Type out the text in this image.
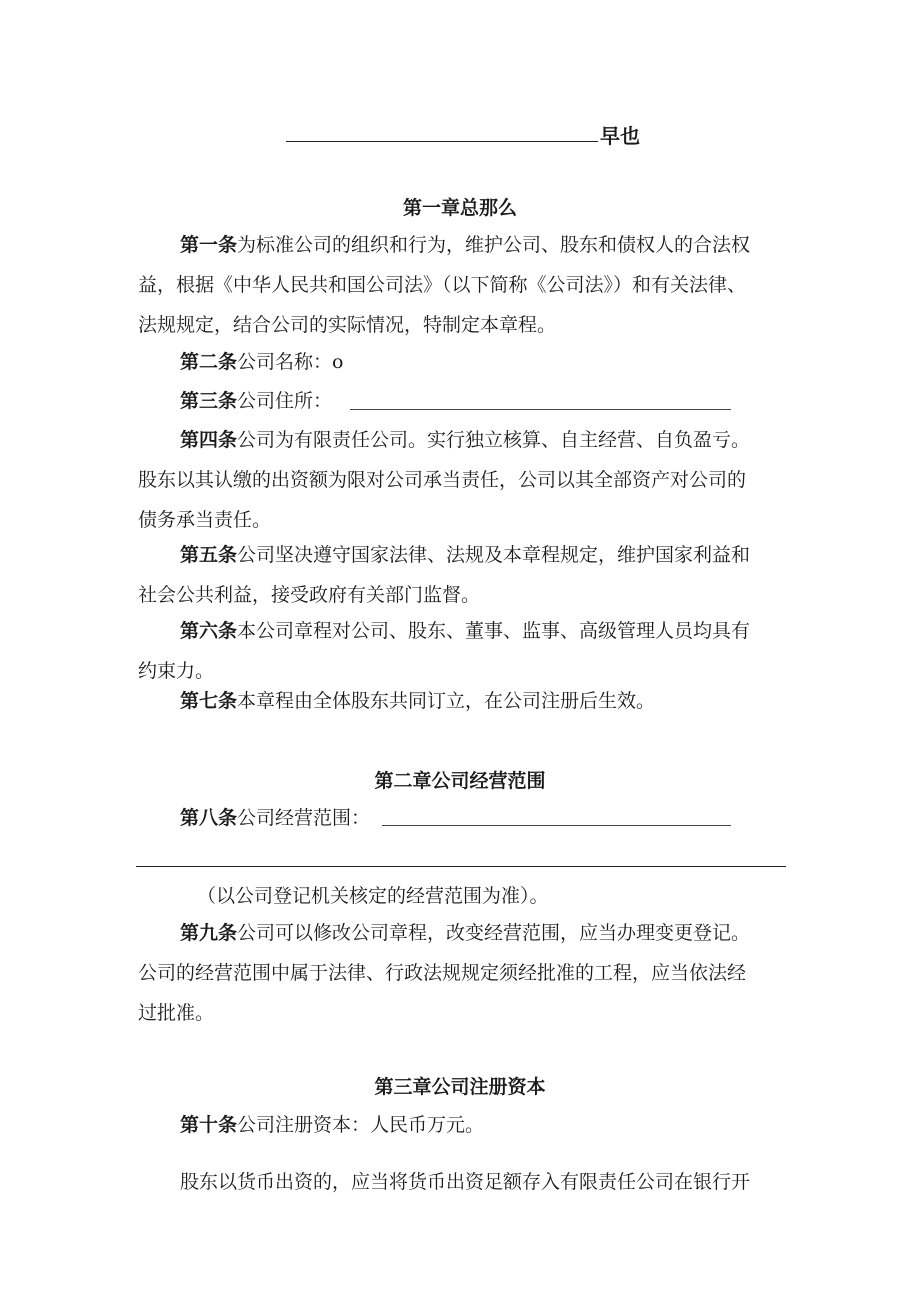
早也
第一章总那么
第一条为标准公司的组织和行为，维护公司、股东和债权人的合法权
益，根据《中华人民共和国公司法》（以下简称《公司法》）和有关法律、
法规规定，结合公司的实际情况，特制定本章程。
第二条公司名称：o
第三条公司住所：
第四条公司为有限责任公司。实行独立核算、自主经营、自负盈亏。
股东以其认缴的出资额为限对公司承当责任，公司以其全部资产对公司的
债务承当责任。
第五条公司坚决遵守国家法律、法规及本章程规定，维护国家利益和
社会公共利益，接受政府有关部门监督。
第六条本公司章程对公司、股东、董事、监事、高级管理人员均具有
约束力。
第七条本章程由全体股东共同订立，在公司注册后生效。
第二章公司经营范围
第八条公司经营范围：
（以公司登记机关核定的经营范围为准）。
第九条公司可以修改公司章程，改变经营范围，应当办理变更登记。
公司的经营范围中属于法律、行政法规规定须经批准的工程，应当依法经
过批准。
第三章公司注册资本
第十条公司注册资本：人民币万元。
股东以货币出资的，应当将货币出资足额存入有限责任公司在银行开
